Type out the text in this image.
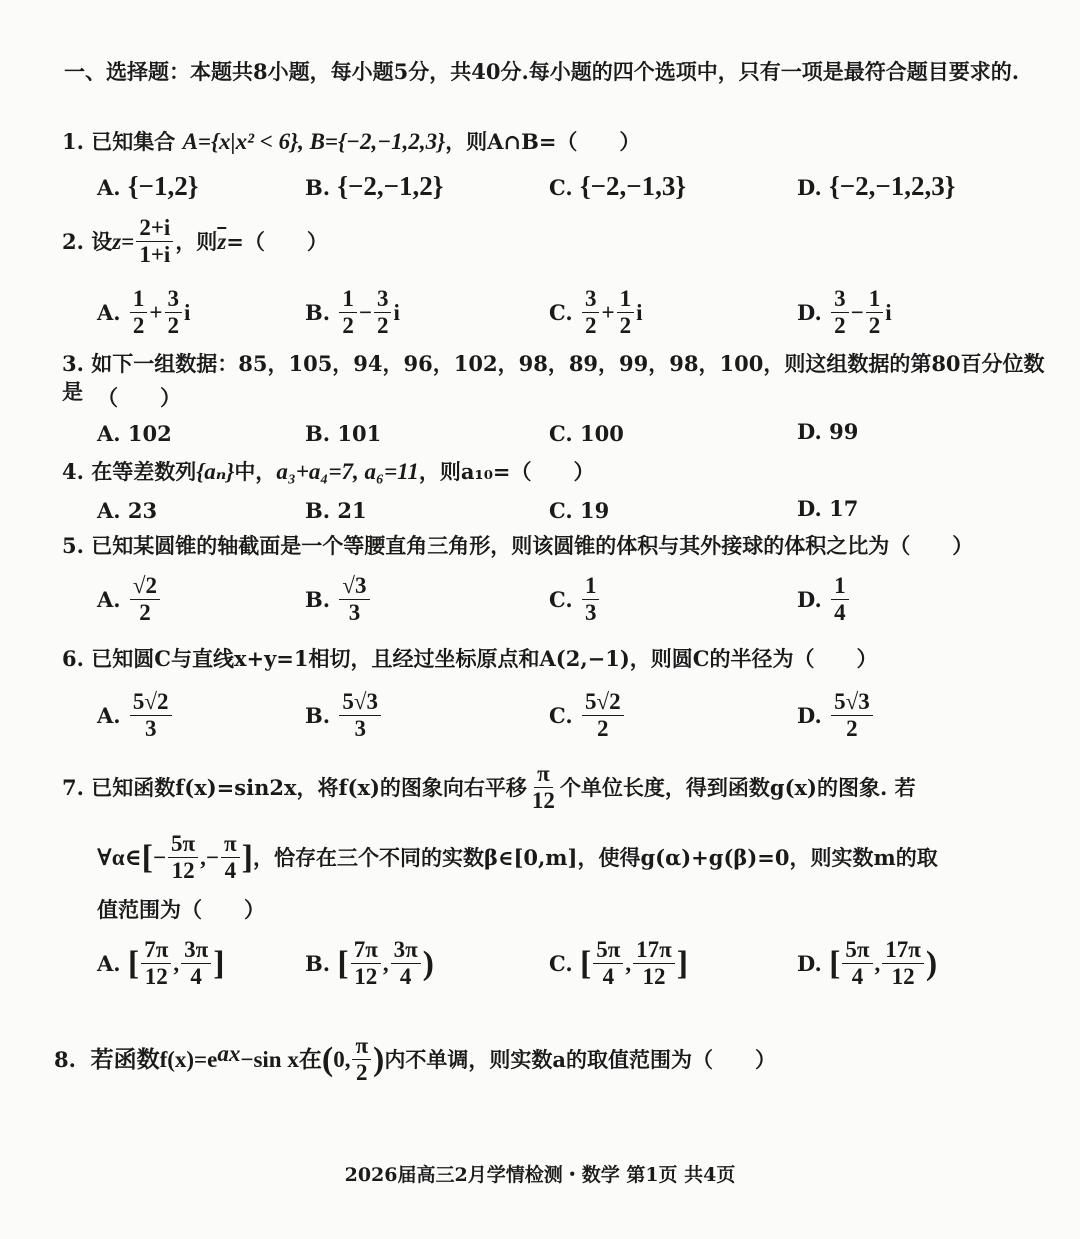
一、选择题：本题共8小题，每小题5分，共40分.每小题的四个选项中，只有一项是最符合题目要求的.
1. 已知集合 A={x|x² < 6}, B={−2,−1,2,3}，则A∩B=（　　）
A. {−1,2}	B. {−2,−1,2}	C. {−2,−1,3}	D. {−2,−1,2,3}
2.
设 $z = \frac{2+i}{1+i}$ ，则 $\overline{z}$ =（　　）
A.
$\frac{1}{2} + \frac{3}{2}$ i	B.
$\frac{1}{2} - \frac{3}{2}$ i	C.
$\frac{3}{2} + \frac{1}{2}$ i	D.
$\frac{3}{2} - \frac{1}{2}$ i
3. 如下一组数据：85，105，94，96，102，98，89，99，98，100，则这组数据的第80百分位数是 （　　）
A. 102	B. 101	C. 100	D. 99
4. 在等差数列{aₙ}中，a₃+a₄=7, a₆=11，则a₁₀=（　　）
A. 23	B. 21	C. 19	D. 17
5. 已知某圆锥的轴截面是一个等腰直角三角形，则该圆锥的体积与其外接球的体积之比为（　　）
A.
$\frac{√2}{2}$	B.
$\frac{√3}{3}$	C.
$\frac{1}{3}$	D.
$\frac{1}{4}$
6. 已知圆C与直线x+y=1相切，且经过坐标原点和A(2,−1)，则圆C的半径为（　　）
A.
$\frac{5√2}{3}$	B.
$\frac{5√3}{3}$	C.
$\frac{5√2}{2}$	D.
$\frac{5√3}{2}$
7.
已知函数f(x)=sin2x，将f(x)的图象向右平移 $\frac{\pi}{12}$ 个单位长度，得到函数g(x)的图象. 若
∀α∈ [ − $\frac{5\pi}{12}$ ,− $\frac{\pi}{4}$ ] ，恰存在三个不同的实数β∈[0,m]，使得g(α)+g(β)=0，则实数m的取
值范围为（　　）
A.
[ $\frac{7\pi}{12}$ , $\frac{3\pi}{4}$ ]	B.
[ $\frac{7\pi}{12}$ , $\frac{3\pi}{4}$ )	C.
[ $\frac{5\pi}{4}$ , $\frac{17\pi}{12}$ ]	D.
[ $\frac{5\pi}{4}$ , $\frac{17\pi}{12}$ )
8.
若函数f(x)=e ax −sin x在 ( 0, $\frac{\pi}{2}$ ) 内不单调，则实数a的取值范围为（　　）
2026届高三2月学情检测・数学 第1页 共4页
